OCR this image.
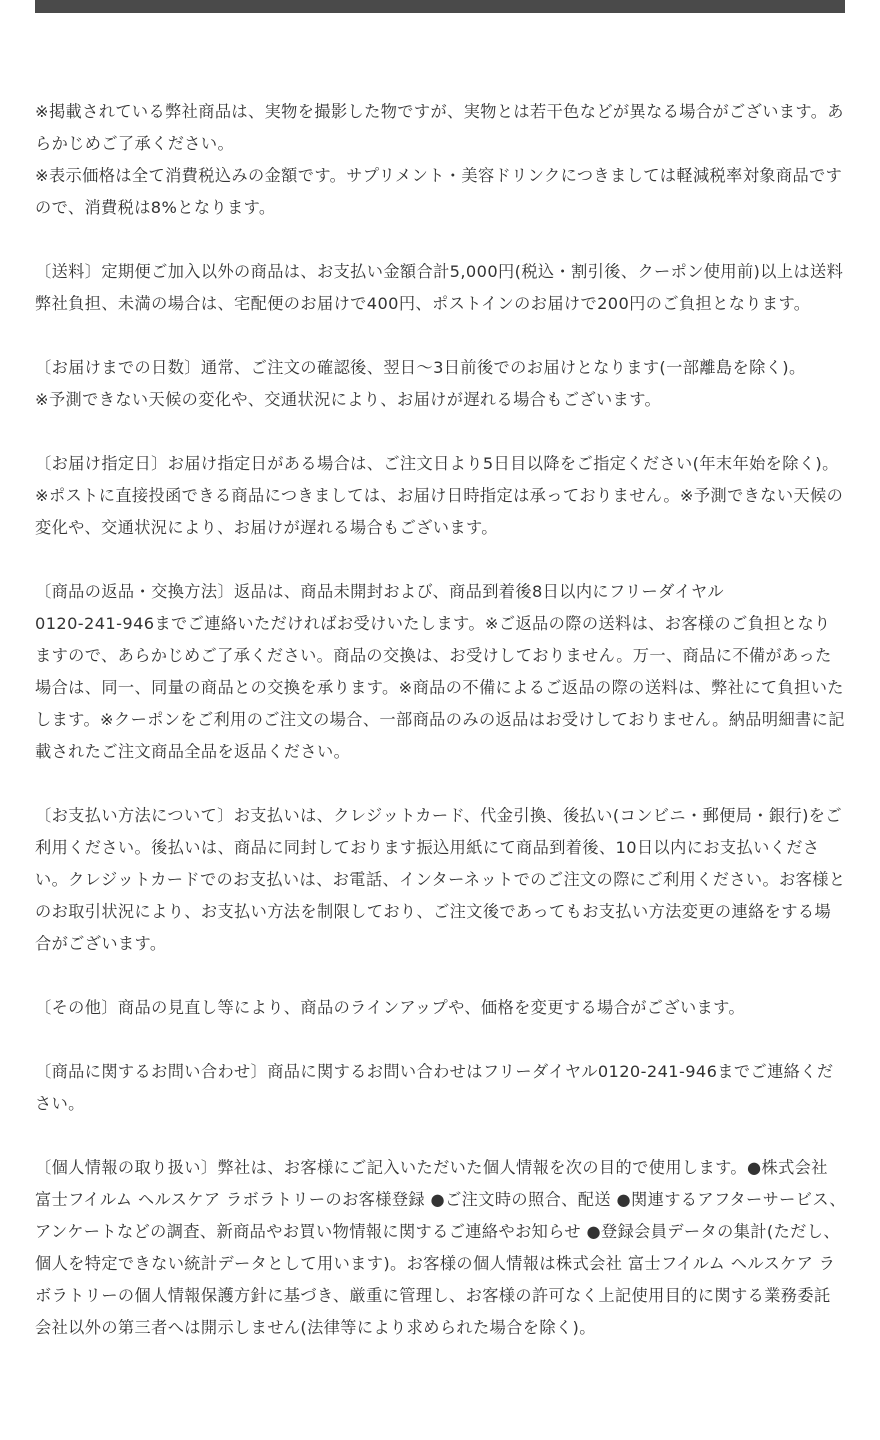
※掲載されている弊社商品は、実物を撮影した物ですが、実物とは若干色などが異なる場合がございます。あらかじめご了承ください。
※表示価格は全て消費税込みの金額です。サプリメント・美容ドリンクにつきましては軽減税率対象商品ですので、消費税は8%となります。

〔送料〕定期便ご加入以外の商品は、お支払い金額合計5,000円(税込・割引後、クーポン使用前)以上は送料弊社負担、未満の場合は、宅配便のお届けで400円、ポストインのお届けで200円のご負担となります。

〔お届けまでの日数〕通常、ご注文の確認後、翌日〜3日前後でのお届けとなります(一部離島を除く)。
※予測できない天候の変化や、交通状況により、お届けが遅れる場合もございます。

〔お届け指定日〕お届け指定日がある場合は、ご注文日より5日目以降をご指定ください(年末年始を除く)。※ポストに直接投函できる商品につきましては、お届け日時指定は承っておりません。※予測できない天候の変化や、交通状況により、お届けが遅れる場合もございます。

〔商品の返品・交換方法〕返品は、商品未開封および、商品到着後8日以内にフリーダイヤル
0120-241-946までご連絡いただければお受けいたします。※ご返品の際の送料は、お客様のご負担となりますので、あらかじめご了承ください。商品の交換は、お受けしておりません。万一、商品に不備があった場合は、同一、同量の商品との交換を承ります。※商品の不備によるご返品の際の送料は、弊社にて負担いたします。※クーポンをご利用のご注文の場合、一部商品のみの返品はお受けしておりません。納品明細書に記載されたご注文商品全品を返品ください。

〔お支払い方法について〕お支払いは、クレジットカード、代金引換、後払い(コンビニ・郵便局・銀行)をご利用ください。後払いは、商品に同封しております振込用紙にて商品到着後、10日以内にお支払いください。クレジットカードでのお支払いは、お電話、インターネットでのご注文の際にご利用ください。お客様とのお取引状況により、お支払い方法を制限しており、ご注文後であってもお支払い方法変更の連絡をする場合がございます。

〔その他〕商品の見直し等により、商品のラインアップや、価格を変更する場合がございます。

〔商品に関するお問い合わせ〕商品に関するお問い合わせはフリーダイヤル0120-241-946までご連絡ください。

〔個人情報の取り扱い〕弊社は、お客様にご記入いただいた個人情報を次の目的で使用します。●株式会社 富士フイルム ヘルスケア ラボラトリーのお客様登録 ●ご注文時の照合、配送 ●関連するアフターサービス、アンケートなどの調査、新商品やお買い物情報に関するご連絡やお知らせ ●登録会員データの集計(ただし、個人を特定できない統計データとして用います)。お客様の個人情報は株式会社 富士フイルム ヘルスケア ラボラトリーの個人情報保護方針に基づき、厳重に管理し、お客様の許可なく上記使用目的に関する業務委託会社以外の第三者へは開示しません(法律等により求められた場合を除く)。
